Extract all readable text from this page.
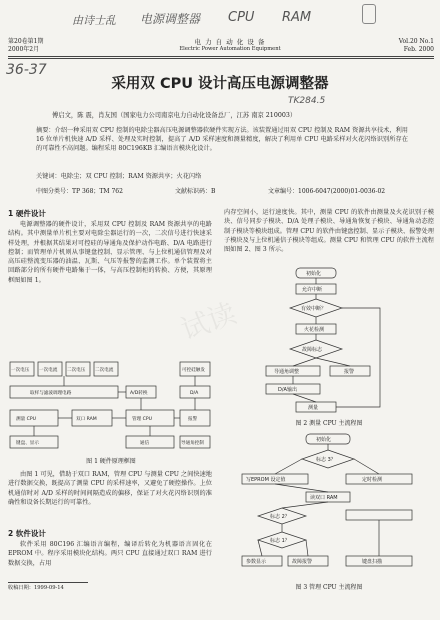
由诗士乱 电源调整器 CPU RAM
第20卷第1期
2000年2月
电 力 自 动 化 设 备
Electric Power Automation Equipment
Vol.20 No.1
Feb. 2000
36-37
采用双 CPU 设计高压电源调整器
TK284.5
傅启文，陈 震，肖友国（国家电力公司南京电力自动化设备总厂，江苏 南京 210003）
摘要：介绍一种采用双 CPU 控制的电除尘器高压电源调整器软硬件实现方法。该装置通过用双 CPU 控制及 RAM 资源共享技术，利用 16 位单片机快速 A/D 采样、处理及实时控制，提高了 A/D 采样速度和测量精度，解决了利用单 CPU 电路采样对火花闪络识别所存在的可靠性不高问题。编程采用 80C196KB 汇编语言模块化设计。
关键词：电除尘；双 CPU 控制；RAM 资源共享；火花闪络
中图分类号：TP 368；TM 762	文献标识码：B	文章编号：1006-6047(2000)01-0036-02
1 硬件设计
电源调整器的硬件设计，采用双 CPU 控制及 RAM 资源共享的电路结构。其中测量单片机主要对电除尘器运行的一次，二次信号进行快速采样处理，并根据其结果对可控硅的导通角及保护动作电路、D/A 电路进行控制；而管理单片机则从事键盘控制、显示管理、与上位机通信管理及对高压硅整流变压器的油温、瓦斯、气压等报警的监测工作。单个装置将主回路部分的所有硬件电路集于一体，与高压控制柜的转换、方便，其原理框图如图 1。
一次电压 一次电流 二次电压 二次电流
取样与滤波调理电路	A/D转换
测量 CPU	双口 RAM	管理 CPU
键盘、显示	通信
可控硅触发
D/A
报警
导通角控制
图 1 硬件原理框图
由图 1 可见，借助于双口 RAM，管理 CPU 与测量 CPU 之间快速地进行数据交换，既提高了测量 CPU 的采样速率，又避免了硬控操作。上位机通信时对 A/D 采样的时间间隔造成的偏移，保证了对火花闪络识别的准确性和设备长期运行的可靠性。
2 软件设计
软件采用 80C196 汇编语言编程，编译后转化为机器语言固化在 EPROM 中。程序采用模块化结构。两只 CPU 直接通过双口 RAM 进行数据交换，占用
收稿日期：1999-09-14
内存空间小，运行速度快。其中，测量 CPU 的软件由测量及火花识别子模块、信号同步子模块、D/A 处理子模块、导通角恢复子模块、导通角动态控制子模块等模块组成。管理 CPU 的软件由键盘控制、显示子模块、报警处理子模块及与上位机通信子模块等组成。测量 CPU 和管理 CPU 的软件主流程图如图 2、图 3 所示。
初始化
允许中断
有效中断？
火花检测
故障标志
导通角调整	报警
D/A输出
测量
图 2 测量 CPU 主流程图
初始化
标志 3？
写EPROM 设定值	定时检测
读双口 RAM
标志 2？
标志 1？
参数显示	故障报警	键盘扫描
图 3 管理 CPU 主流程图
试读
